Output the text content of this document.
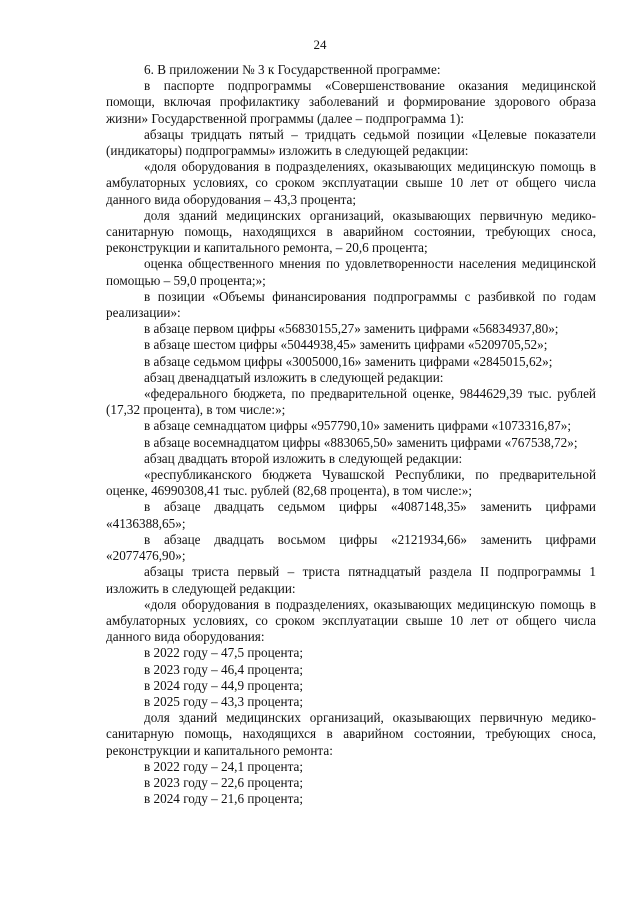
24

6. В приложении № 3 к Государственной программе:

в паспорте подпрограммы «Совершенствование оказания медицинской помощи, включая профилактику заболеваний и формирование здорового образа жизни» Государственной программы (далее – подпрограмма 1):

абзацы тридцать пятый – тридцать седьмой позиции «Целевые показатели (индикаторы) подпрограммы» изложить в следующей редакции:

«доля оборудования в подразделениях, оказывающих медицинскую помощь в амбулаторных условиях, со сроком эксплуатации свыше 10 лет от общего числа данного вида оборудования – 43,3 процента;

доля зданий медицинских организаций, оказывающих первичную медико-санитарную помощь, находящихся в аварийном состоянии, требующих сноса, реконструкции и капитального ремонта, – 20,6 процента;

оценка общественного мнения по удовлетворенности населения медицинской помощью – 59,0 процента;»;

в позиции «Объемы финансирования подпрограммы с разбивкой по годам реализации»:

в абзаце первом цифры «56830155,27» заменить цифрами «56834937,80»;

в абзаце шестом цифры «5044938,45» заменить цифрами «5209705,52»;

в абзаце седьмом цифры «3005000,16» заменить цифрами «2845015,62»;

абзац двенадцатый изложить в следующей редакции:

«федерального бюджета, по предварительной оценке, 9844629,39 тыс. рублей (17,32 процента), в том числе:»;

в абзаце семнадцатом цифры «957790,10» заменить цифрами «1073316,87»;

в абзаце восемнадцатом цифры «883065,50» заменить цифрами «767538,72»;

абзац двадцать второй изложить в следующей редакции:

«республиканского бюджета Чувашской Республики, по предварительной оценке, 46990308,41 тыс. рублей (82,68 процента), в том числе:»;

в абзаце двадцать седьмом цифры «4087148,35» заменить цифрами «4136388,65»;

в абзаце двадцать восьмом цифры «2121934,66» заменить цифрами «2077476,90»;

абзацы триста первый – триста пятнадцатый раздела II подпрограммы 1 изложить в следующей редакции:

«доля оборудования в подразделениях, оказывающих медицинскую помощь в амбулаторных условиях, со сроком эксплуатации свыше 10 лет от общего числа данного вида оборудования:

в 2022 году – 47,5 процента;

в 2023 году – 46,4 процента;

в 2024 году – 44,9 процента;

в 2025 году – 43,3 процента;

доля зданий медицинских организаций, оказывающих первичную медико-санитарную помощь, находящихся в аварийном состоянии, требующих сноса, реконструкции и капитального ремонта:

в 2022 году – 24,1 процента;

в 2023 году – 22,6 процента;

в 2024 году – 21,6 процента;
